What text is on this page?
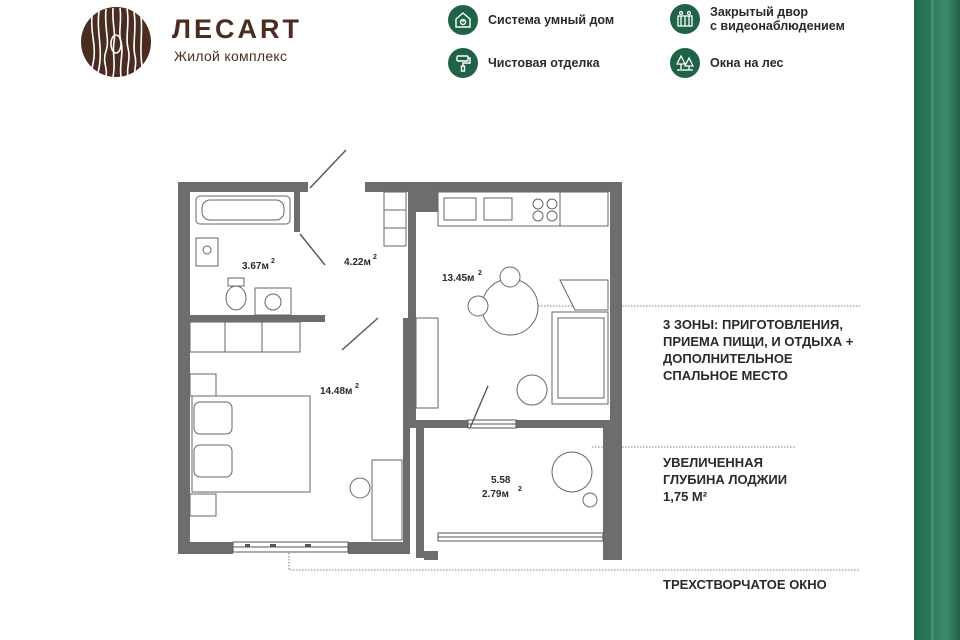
ЛЕСART
Жилой комплекс
Система умный дом
Закрытый двор
с видеонаблюдением
Чистовая отделка	Окна на лес
3.67м 2	4.22м 2
13.45м 2
14.48м 2
5.58
2.79м 2
3 ЗОНЫ: ПРИГОТОВЛЕНИЯ,
ПРИЕМА ПИЩИ, И ОТДЫХА +
ДОПОЛНИТЕЛЬНОЕ
СПАЛЬНОЕ МЕСТО
УВЕЛИЧЕННАЯ
ГЛУБИНА ЛОДЖИИ
1,75 М²
ТРЕХСТВОРЧАТОЕ ОКНО
